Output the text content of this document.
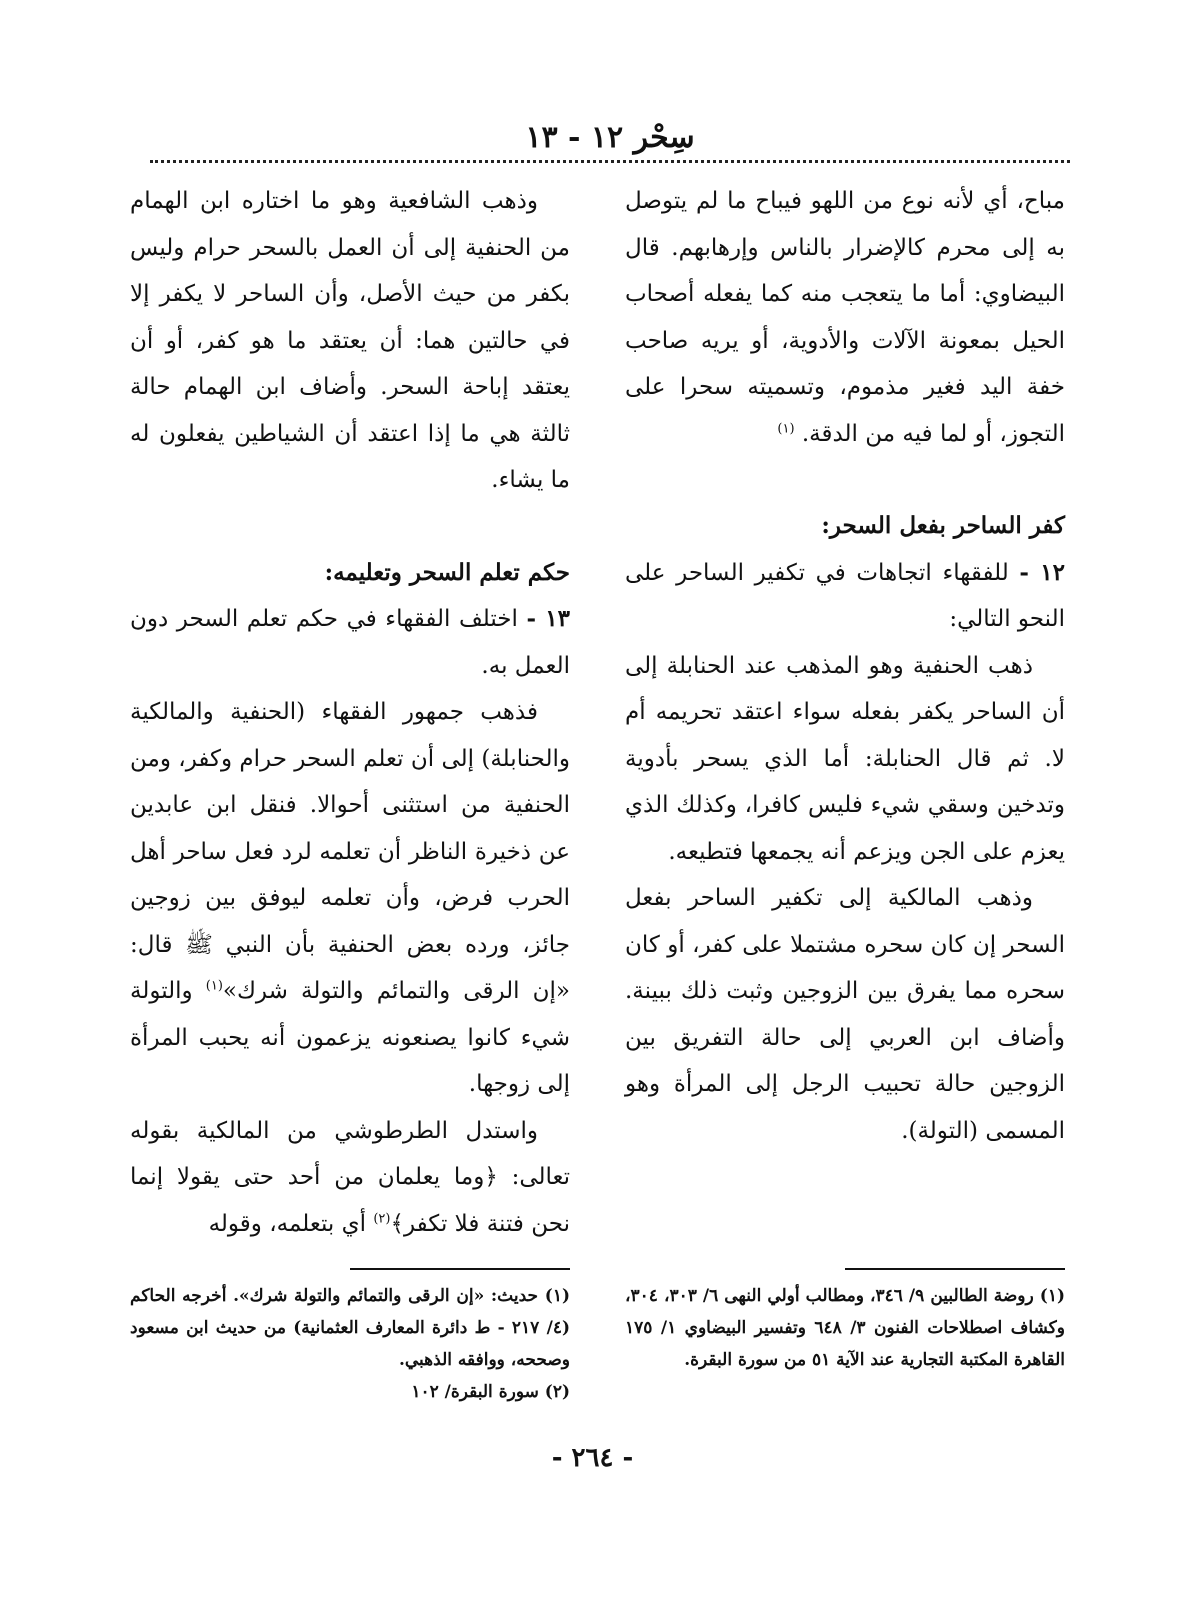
سِحْر ١٢ - ١٣

مباح، أي لأنه نوع من اللهو فيباح ما لم يتوصل به إلى محرم كالإضرار بالناس وإرهابهم. قال البيضاوي: أما ما يتعجب منه كما يفعله أصحاب الحيل بمعونة الآلات والأدوية، أو يريه صاحب خفة اليد فغير مذموم، وتسميته سحرا على التجوز، أو لما فيه من الدقة. $^{(١)}$

كفر الساحر بفعل السحر:

١٢ - للفقهاء اتجاهات في تكفير الساحر على النحو التالي:

ذهب الحنفية وهو المذهب عند الحنابلة إلى أن الساحر يكفر بفعله سواء اعتقد تحريمه أم لا. ثم قال الحنابلة: أما الذي يسحر بأدوية وتدخين وسقي شيء فليس كافرا، وكذلك الذي يعزم على الجن ويزعم أنه يجمعها فتطيعه.

وذهب المالكية إلى تكفير الساحر بفعل السحر إن كان سحره مشتملا على كفر، أو كان سحره مما يفرق بين الزوجين وثبت ذلك ببينة. وأضاف ابن العربي إلى حالة التفريق بين الزوجين حالة تحبيب الرجل إلى المرأة وهو المسمى (التولة).

وذهب الشافعية وهو ما اختاره ابن الهمام من الحنفية إلى أن العمل بالسحر حرام وليس بكفر من حيث الأصل، وأن الساحر لا يكفر إلا في حالتين هما: أن يعتقد ما هو كفر، أو أن يعتقد إباحة السحر. وأضاف ابن الهمام حالة ثالثة هي ما إذا اعتقد أن الشياطين يفعلون له ما يشاء.

حكم تعلم السحر وتعليمه:

١٣ - اختلف الفقهاء في حكم تعلم السحر دون العمل به.

فذهب جمهور الفقهاء (الحنفية والمالكية والحنابلة) إلى أن تعلم السحر حرام وكفر، ومن الحنفية من استثنى أحوالا. فنقل ابن عابدين عن ذخيرة الناظر أن تعلمه لرد فعل ساحر أهل الحرب فرض، وأن تعلمه ليوفق بين زوجين جائز، ورده بعض الحنفية بأن النبي ﷺ قال: «إن الرقى والتمائم والتولة شرك»$^{(١)}$ والتولة شيء كانوا يصنعونه يزعمون أنه يحبب المرأة إلى زوجها.

واستدل الطرطوشي من المالكية بقوله تعالى: ﴿وما يعلمان من أحد حتى يقولا إنما نحن فتنة فلا تكفر﴾$^{(٢)}$ أي بتعلمه، وقوله

(١) روضة الطالبين ٩/ ٣٤٦، ومطالب أولي النهى ٦/ ٣٠٣، ٣٠٤، وكشاف اصطلاحات الفنون ٣/ ٦٤٨ وتفسير البيضاوي ١/ ١٧٥ القاهرة المكتبة التجارية عند الآية ٥١ من سورة البقرة.

(١) حديث: «إن الرقى والتمائم والتولة شرك». أخرجه الحاكم (٤/ ٢١٧ - ط دائرة المعارف العثمانية) من حديث ابن مسعود وصححه، ووافقه الذهبي.

(٢) سورة البقرة/ ١٠٢

- ٢٦٤ -
